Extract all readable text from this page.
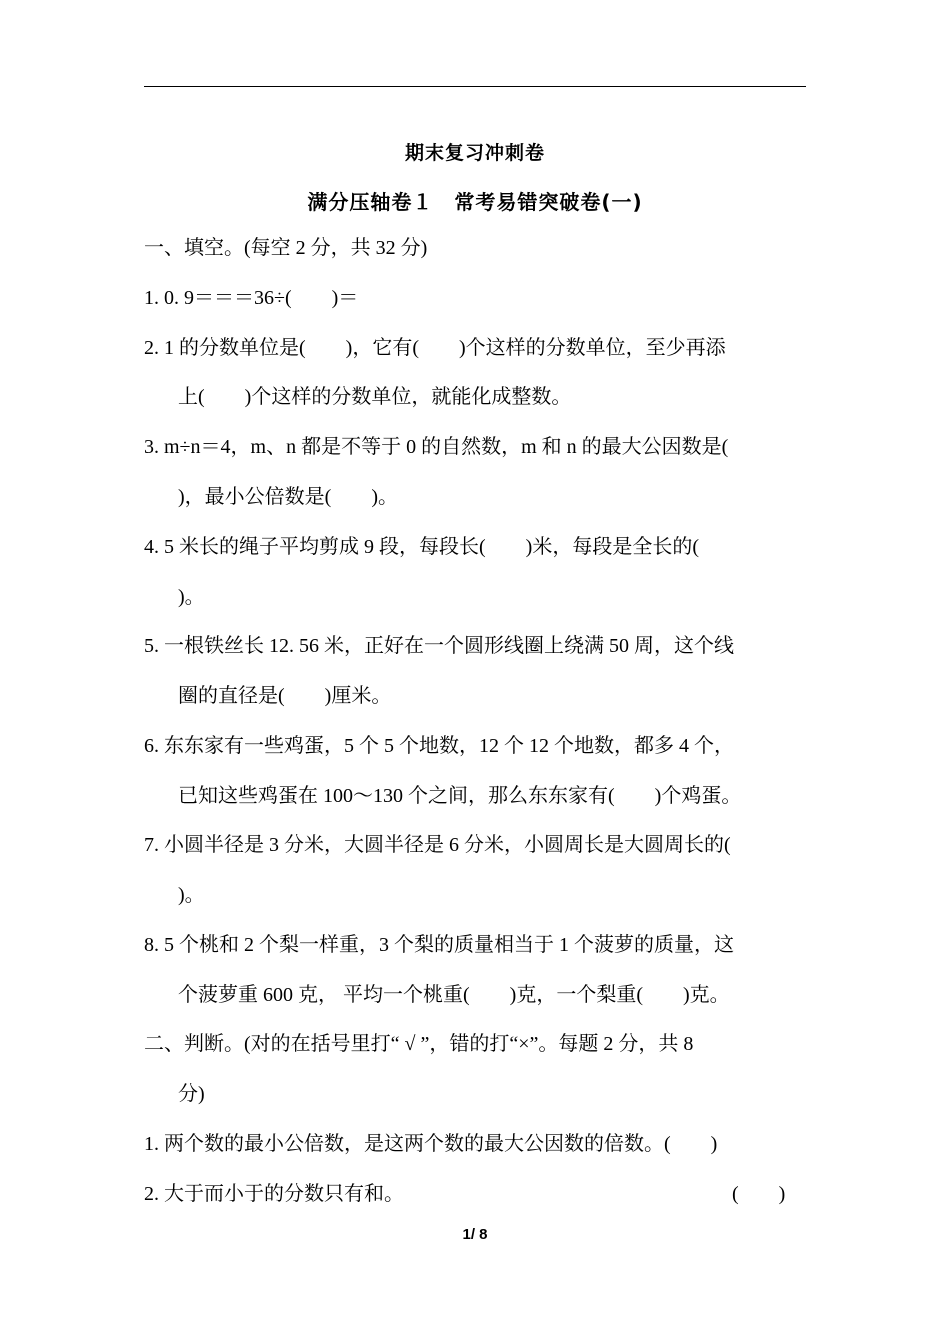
期末复习冲刺卷
满分压轴卷１　常考易错突破卷(一)
一、填空。(每空 2 分，共 32 分)
1. 0. 9＝＝＝36÷(　　)＝
2. 1 的分数单位是(　　)，它有(　　)个这样的分数单位，至少再添
上(　　)个这样的分数单位，就能化成整数。
3. m÷n＝4，m、n 都是不等于 0 的自然数，m 和 n 的最大公因数是(
)，最小公倍数是(　　)。
4. 5 米长的绳子平均剪成 9 段，每段长(　　)米，每段是全长的(
)。
5. 一根铁丝长 12. 56 米，正好在一个圆形线圈上绕满 50 周，这个线
圈的直径是(　　)厘米。
6. 东东家有一些鸡蛋，5 个 5 个地数，12 个 12 个地数，都多 4 个，
已知这些鸡蛋在 100～130 个之间，那么东东家有(　　)个鸡蛋。
7. 小圆半径是 3 分米，大圆半径是 6 分米，小圆周长是大圆周长的(
)。
8. 5 个桃和 2 个梨一样重，3 个梨的质量相当于 1 个菠萝的质量，这
个菠萝重 600 克， 平均一个桃重(　　)克，一个梨重(　　)克。
二、判断。(对的在括号里打“ √ ”，错的打“×”。每题 2 分，共 8
分)
1. 两个数的最小公倍数，是这两个数的最大公因数的倍数。(　　)
2. 大于而小于的分数只有和。	(　　)
1/ 8
